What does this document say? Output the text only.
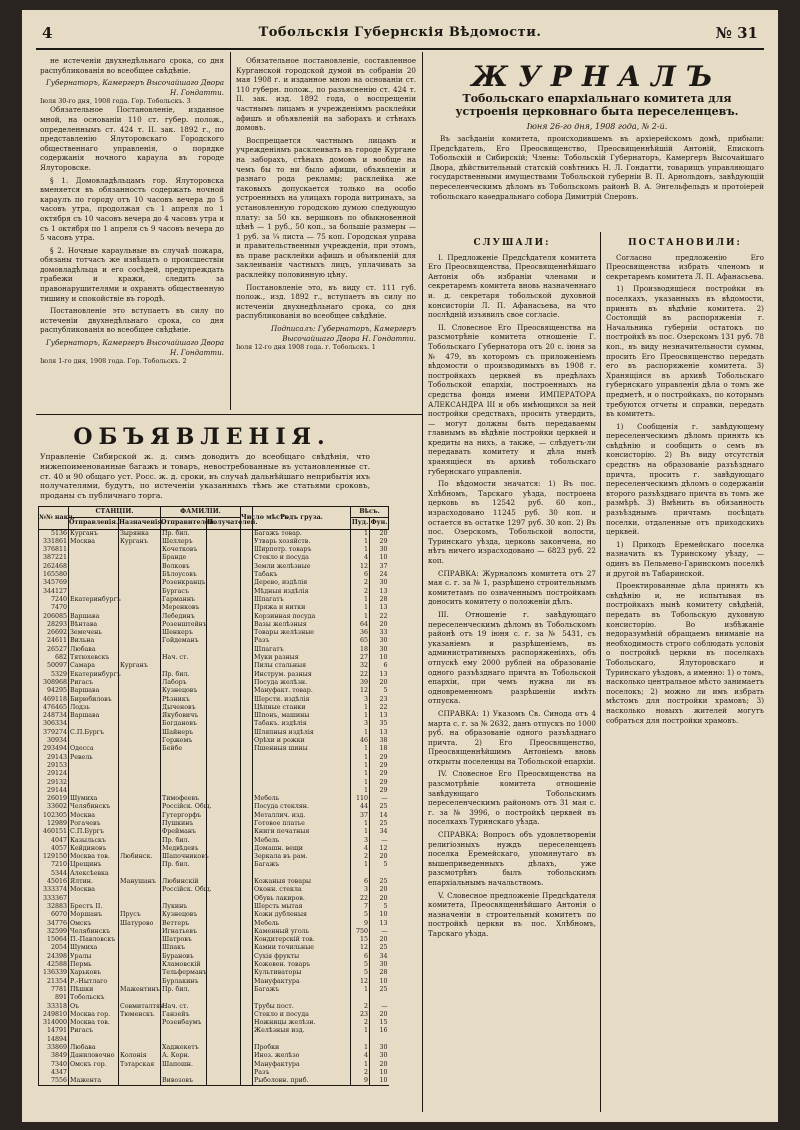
4	Тобольскія Губернскія Вѣдомости.	№ 31

не истеченіи двухнедѣльнаго срока, со дня распубликованія во всеобщее свѣдѣніе.

Губернаторъ, Камергеръ Высочайшаго Двора Н. Гондатти.
Іюля 30-го дня, 1908 года. Гор. Тобольскъ. 3

Обязательное Постановленіе, изданное мной, на основаніи 110 ст. губер. полож., определеннымъ ст. 424 т. II. зак. 1892 г., по представленію Ялуторовскаго Городского общественнаго управленія, о порядке содержанія ночного караула въ городе Ялуторовске.

§ 1. Домовладѣльцамъ гор. Ялуторовска вменяется въ обязанность содержать ночной караулъ по городу отъ 10 часовъ вечера до 5 часовъ утра, продолжая съ 1 апреля по 1 октября съ 10 часовъ вечера до 4 часовъ утра и съ 1 октября по 1 апреля съ 9 часовъ вечера до 5 часовъ утра.

§ 2. Ночные караульные въ случаѣ пожара, обязаны тотчасъ же извѣщать о происшествіи домовладѣльца и его сосѣдей, предупреждать грабежи и кражи, следить за правонарушителями и охранять общественную тишину и спокойствіе въ городѣ.

Постановленіе это вступаетъ въ силу по истеченіи двухнедѣльнаго срока, со дня распубликованія во всеобщее свѣдѣніе.

Губернаторъ, Камергеръ Высочайшаго Двора Н. Гондатти.
Іюля 1-го дня, 1908 года. Гор. Тобольскъ. 2

Обязательное постановленіе, составленное Курганской городской думой въ собраніи 20 мая 1908 г. и изданное мною на основаніи ст. 110 губерн. полож., по разъясненію ст. 424 т. II. зак. изд. 1892 года, о воспрещеніи частнымъ лицамъ и учрежденіямъ расклейки афишъ и объявленій на заборахъ и стѣнахъ домовъ.

Воспрещается частнымъ лицамъ и учрежденіямъ расклеивать въ городе Кургане на заборахъ, стѣнахъ домовъ и вообще на чемъ бы то ни было афиши, объявленія и разнаго рода рекламы; расклейка же таковыхъ допускается только на особо устроенныхъ на улицахъ города витринахъ, за установленную городскою думою следующую плату: за 50 кв. вершковъ по обыкновенной цѣнѣ — 1 руб., 50 коп., за большіе размеры — 1 руб. за ¼ листа — 75 коп. Городская управа и правительственныя учрежденія, при этомъ, въ праве расклейки афишъ и объявленій для заклеиванія частныхъ лицъ, уплачивать за расклейку половинную цѣну.

Постановленіе это, въ виду ст. 111 губ. полож., изд. 1892 г., вступаетъ въ силу по истеченіи двухнедѣльнаго срока, со дня распубликованія во всеобщее свѣдѣніе.

Подписалъ: Губернаторъ, Камергеръ Высочайшаго Двора Н. Гондатти.
Іюля 12-го дня 1908 года. г. Тобольскъ. 1
ЖУРНАЛЪ
Тобольскаго епархіальнаго комитета для устроенія церковнаго быта переселенцевъ.
Іюня 26-го дня, 1908 года, № 2-й.

Въ засѣданіи комитета, происходившемъ въ архіерейскомъ домѣ, прибыли: Предсѣдатель, Его Преосвященство, Преосвященнѣйшій Антоній, Епископъ Тобольскій и Сибирскій; Члены: Тобольскій Губернаторъ, Камергеръ Высочайшаго Двора, дѣйствительный статскій совѣтникъ Н. Л. Гондатти, товарищъ управляющаго государственными имуществами Тобольской губерніи В. П. Арнольдовъ, завѣдующій переселенческимъ дѣломъ въ Тобольскомъ районѣ В. А. Энгельфельдъ и протоіерей тобольскаго каѳедральнаго собора Димитрій Сперовъ.

СЛУШАЛИ:

I. Предложеніе Предсѣдателя комитета Его Преосвященства, Преосвященнѣйшаго Антонія объ избраніи членами и секретаремъ комитета вновь назначеннаго и. д. секретаря тобольской духовной консисторіи Л. П. Афанасьева, на что послѣдній изъявилъ свое согласіе.

II. Словесное Его Преосвященства на разсмотрѣніе комитета отношеніе Г. Тобольскаго Губернатора отъ 20 с. іюня за № 479, въ которомъ съ приложеніемъ вѣдомости о производимыхъ въ 1908 г. постройкахъ церквей въ предѣлахъ Тобольской епархіи, построенныхъ на средства фонда имени ИМПЕРАТОРА АЛЕКСАНДРА III и объ имѣющихся за ней постройки средствахъ, просить утвердить, — могут должны быть передаваемы главнымъ въ вѣдѣніе постройки церквей и кредиты на нихъ, а также, — слѣдуетъ-ли передавать комитету и дѣла нынѣ хранящіеся въ архивѣ тобольскаго губернскаго управленія.

По вѣдомости значатся: 1) Въ пос. Хлѣбномъ, Тарскаго уѣзда, построена церковь въ 12542 руб. 60 коп., израсходовано 11245 руб. 30 коп. и остается въ остатке 1297 руб. 30 коп. 2) Въ пос. Озерскомъ, Тобольской волости, Туринскаго уѣзда, церковь закончена, но нѣтъ ничего израсходовано — 6823 руб. 22 коп.

СПРАВКА: Журналомъ комитета отъ 27 мая с. г. за № 1, разрѣшено строительнымъ комитетамъ по означеннымъ постройкамъ доносить комитету о положеніи дѣлъ.

III. Отношеніе г. завѣдующаго переселенческимъ дѣломъ въ Тобольскомъ районѣ отъ 19 іюня с. г. за № 5431, съ указаніемъ и разрѣшеніемъ, въ административныхъ распоряженіяхъ, объ отпускѣ ему 2000 рублей на образованіе одного разъѣзднаго причта въ Тобольской епархіи, при чемъ нужна ли въ одновременномъ разрѣшеніи имѣть отпуска.

СПРАВКА: 1) Указомъ Св. Синода отъ 4 марта с. г. за № 2632, данъ отпускъ по 1000 руб. на образованіе одного разъѣзднаго причта. 2) Его Преосвященство, Преосвященнѣйшимъ Антоніемъ вновь открыты поселенцы на Тобольской епархіи.

IV. Словесное Его Преосвященства на разсмотрѣніе комитета отношеніе завѣдующаго Тобольскимъ переселенческимъ райономъ отъ 31 мая с. г. за № 3996, о постройкѣ церквей въ поселкахъ Туринскаго уѣзда.

СПРАВКА: Вопросъ объ удовлетвореніи религіозныхъ нуждъ переселенцевъ поселка Еремейскаго, упомянутаго въ вышеприведенныхъ дѣлахъ, уже разсмотрѣнъ былъ тобольскимъ епархіальнымъ начальствомъ.

V. Словесное предложеніе Предсѣдателя комитета, Преосвященнѣйшаго Антонія о назначеніи в строительный комитетъ по постройкѣ церкви въ пос. Хлѣбномъ, Тарскаго уѣзда.

ПОСТАНОВИЛИ:

Согласно предложенію Его Преосвященства избрать членомъ и секретаремъ комитета Л. П. Афанасьева.

1) Производящіеся постройки въ поселкахъ, указанныхъ въ вѣдомости, принять въ вѣдѣніе комитета. 2) Состоящій въ распоряженіи г. Начальника губерніи остатокъ по постройкѣ въ пос. Озерскомъ 131 руб. 78 коп., въ виду незначительности суммы, просить Его Преосвященство передать его въ распоряженіе комитета. 3) Хранящіяся въ архивѣ Тобольскаго губернскаго управленія дѣла о томъ же предметѣ, и о постройкахъ, по которымъ требуются отчеты и справки, передать въ комитетъ.

1) Сообщенія г. завѣдующему переселенческимъ дѣломъ принять къ свѣдѣнію и сообщить о семъ въ консисторію. 2) Въ виду отсутствія средствъ на образованіе разъѣзднаго причта, просить г. завѣдующаго переселенческимъ дѣломъ о содержаніи второго разъѣзднаго причта въ томъ же размѣрѣ. 3) Вмѣнить въ обязанность разъѣзднымъ причтамъ посѣщать поселки, отдаленные отъ приходскихъ церквей.

1) Приходъ Еремейскаго поселка назначить къ Туринскому уѣзду, — одинъ въ Пельмено-Гаринскомъ поселкѣ и другой въ Табаринской.

Проектированные дѣла принять къ свѣдѣнію и, не испытывая въ постройкахъ нынѣ комитету свѣдѣній, передать въ Тобольскую духовную консисторію. Во избѣжаніе недоразумѣній обращаемъ вниманіе на необходимость строго соблюдать условія о постройкѣ церкви въ поселкахъ Тобольскаго, Ялуторовскаго и Туринскаго уѣздовъ, а именно: 1) о томъ, насколько центральное мѣсто занимаетъ поселокъ; 2) можно ли имъ избрать мѣстомъ для постройки храмовъ; 3) насколько новыхъ жителей могутъ собраться для постройки храмовъ.

ОБЪЯВЛЕНІЯ.
Управленіе Сибирской ж. д. симъ доводитъ до всеобщаго свѣдѣнія, что нижепоименованные багажъ и товаръ, невостребованные въ установленные ст. ст. 40 и 90 общаго уст. Росс. ж. д. сроки, въ случаѣ дальнѣйшаго неприбытія ихъ получателями, будутъ, по истеченіи указанныхъ тѣмъ же статьями сроковъ, проданы съ публичнаго торга.
№№ накл.	СТАНЦІИ.		ФАМИЛІИ.		Число мѣстъ	Родъ груза.	Вѣсъ.	
	Отправленія.	Назначенія.	Отправителей.	Получателей.			Пуд.	Фун.
5136	Курганъ	Зырянка	Пр. бил.			Багажъ товар.	1	20
331861	Москва	Курганъ	Шеллеръ			Утварь хозяйств.	1	29
376811			Кочетковъ			Ширпотр. товаръ	1	30
387221			Бранде			Стекло и посуда	4	10
262468			Волковъ			Земли желѣзные	12	37
165580			Бѣлоусовъ			Табакъ	6	24
345769			Розенкранцъ			Дерево, издѣлія	2	30
344127			Бургасъ			Мѣдныя издѣлія	2	13
7240	Екатеринбургъ		Гарманнъ			Шпагатъ	1	28
7470			Меренковъ			Пряжа и нитки	1	13
206085	Варшава		Лебединъ			Корзинная посуда	1	22
28293	Вѣнтава		Розенштейнъ			Вазы желѣзныя	64	20
26692	Земечень		Шенкеръ			Товары желѣзные	36	33
24611	Вильна		Гойдеманъ			Разъ	65	30
26527	Любава					Шпагатъ	18	30
682	Тятюхевскъ		Нач. ст.			Муки разныя	27	10
50097	Самара	Курганъ				Пилы стальныя	32	6
5329	Екатеринбургъ		Пр. бил.			Инструм. разныя	22	13
308968	Ригасъ		Лаборъ			Посуда желѣзн.	39	20
94295	Варшава		Кузнецовъ			Мануфакт. товар.	12	5
469118	Бирюбиловъ		Рѣзникъ			Шерсти. издѣлія	3	23
476465	Лодзь		Дыченовъ			Цѣпные станки	1	22
248734	Варшава		Якубовичъ			Шпонъ, машины	1	13
306334			Богдановъ			Табакъ. издѣлія	3	35
379274	С.П.Бургъ		Шайнеръ			Шляпныя издѣлія	1	13
30934			Горжемъ			Орѣхи и рожки	46	38
293494	Одесса		Бейбе			Пшенныя шины	1	18
29143	Ревель						1	29
29153							1	29
29124							1	29
29132							1	29
29144							1	29
26019	Шумиха		Тимофеевъ			Мебель	110	—
33602	Челябинскъ		Россійск. Общ.			Посуда стеклян.	44	25
102305	Москва		Гутергорфъ			Металлич. изд.	37	14
12989	Рогачевъ		Пушкинъ			Готовое платье	1	25
460151	С.П.Бургъ		Фрейманъ			Книги печатныя	1	34
4047	Казыльскъ		Пр. бил.			Мебель	3	—
4057	Кейдиновъ		Медвѣдевъ			Домашн. вещи	4	12
129150	Москва тов.	Любинск.	Шапочниковъ			Зеркала въ рам.	2	20
7210	Црещинъ		Пр. бил.			Багажъ	1	5
5344	Алексѣевка							
45016	Ялтин.	Манушанъ	Любинскій			Кожаныя товары	6	25
333374	Москва		Россійск. Общ.			Оконн. стекла	3	20
333367						Обувь лакиров.	22	20
32883	Брестъ II.		Лукинъ			Шерсть мытая	7	5
6070	Моршанъ	Прусъ	Кузнецовъ			Кожи дубленыя	5	10
34776	Омскъ	Шатурово	Веттеръ			Мебель	9	13
32599	Челябинскъ		Игнатьевъ			Каменный уголь	750	—
15064	П.-Павловскъ		Шатровъ			Кондитерскій тов.	15	20
2054	Шумиха		Шпакъ			Камни точильные	12	25
24398	Уралы		Бурановъ			Сухія фрукты	6	34
42588	Пермь		Кламовскій			Кожевен. товаръ	5	30
136339	Харьковъ		Тельферманъ			Культиваторы	5	28
21354	Р.-Нытлаго		Бурлакинъ			Мануфактура	12	10
7781	Пѣшки	Мажентинъ	Пр. бил.			Багажъ	1	25
891	Тобольскъ							
33318	Оъ	Совмиталтян.	Нач. ст.			Трубы пост.	2	—
249810	Москва гор.	Тюменскъ	Ганзейъ			Стекло и посуда	23	20
314000	Москва тов.		Розенбаумъ			Ножницы желѣзн.	2	15
14791	Ригасъ					Желѣзныя изд.	1	16
14894								
33869	Любава		Хаджекетъ			Пробки	1	30
3849	Даниловочно	Колонія	А. Корн.			Иноз. желѣзо	4	30
7340	Омскъ гор.	Тэтарская	Шапошн.			Мануфактура	1	20
4347						Разъ	2	10
7556	Мажента		Вивозовъ			Рыболовн. приб.	9	10
